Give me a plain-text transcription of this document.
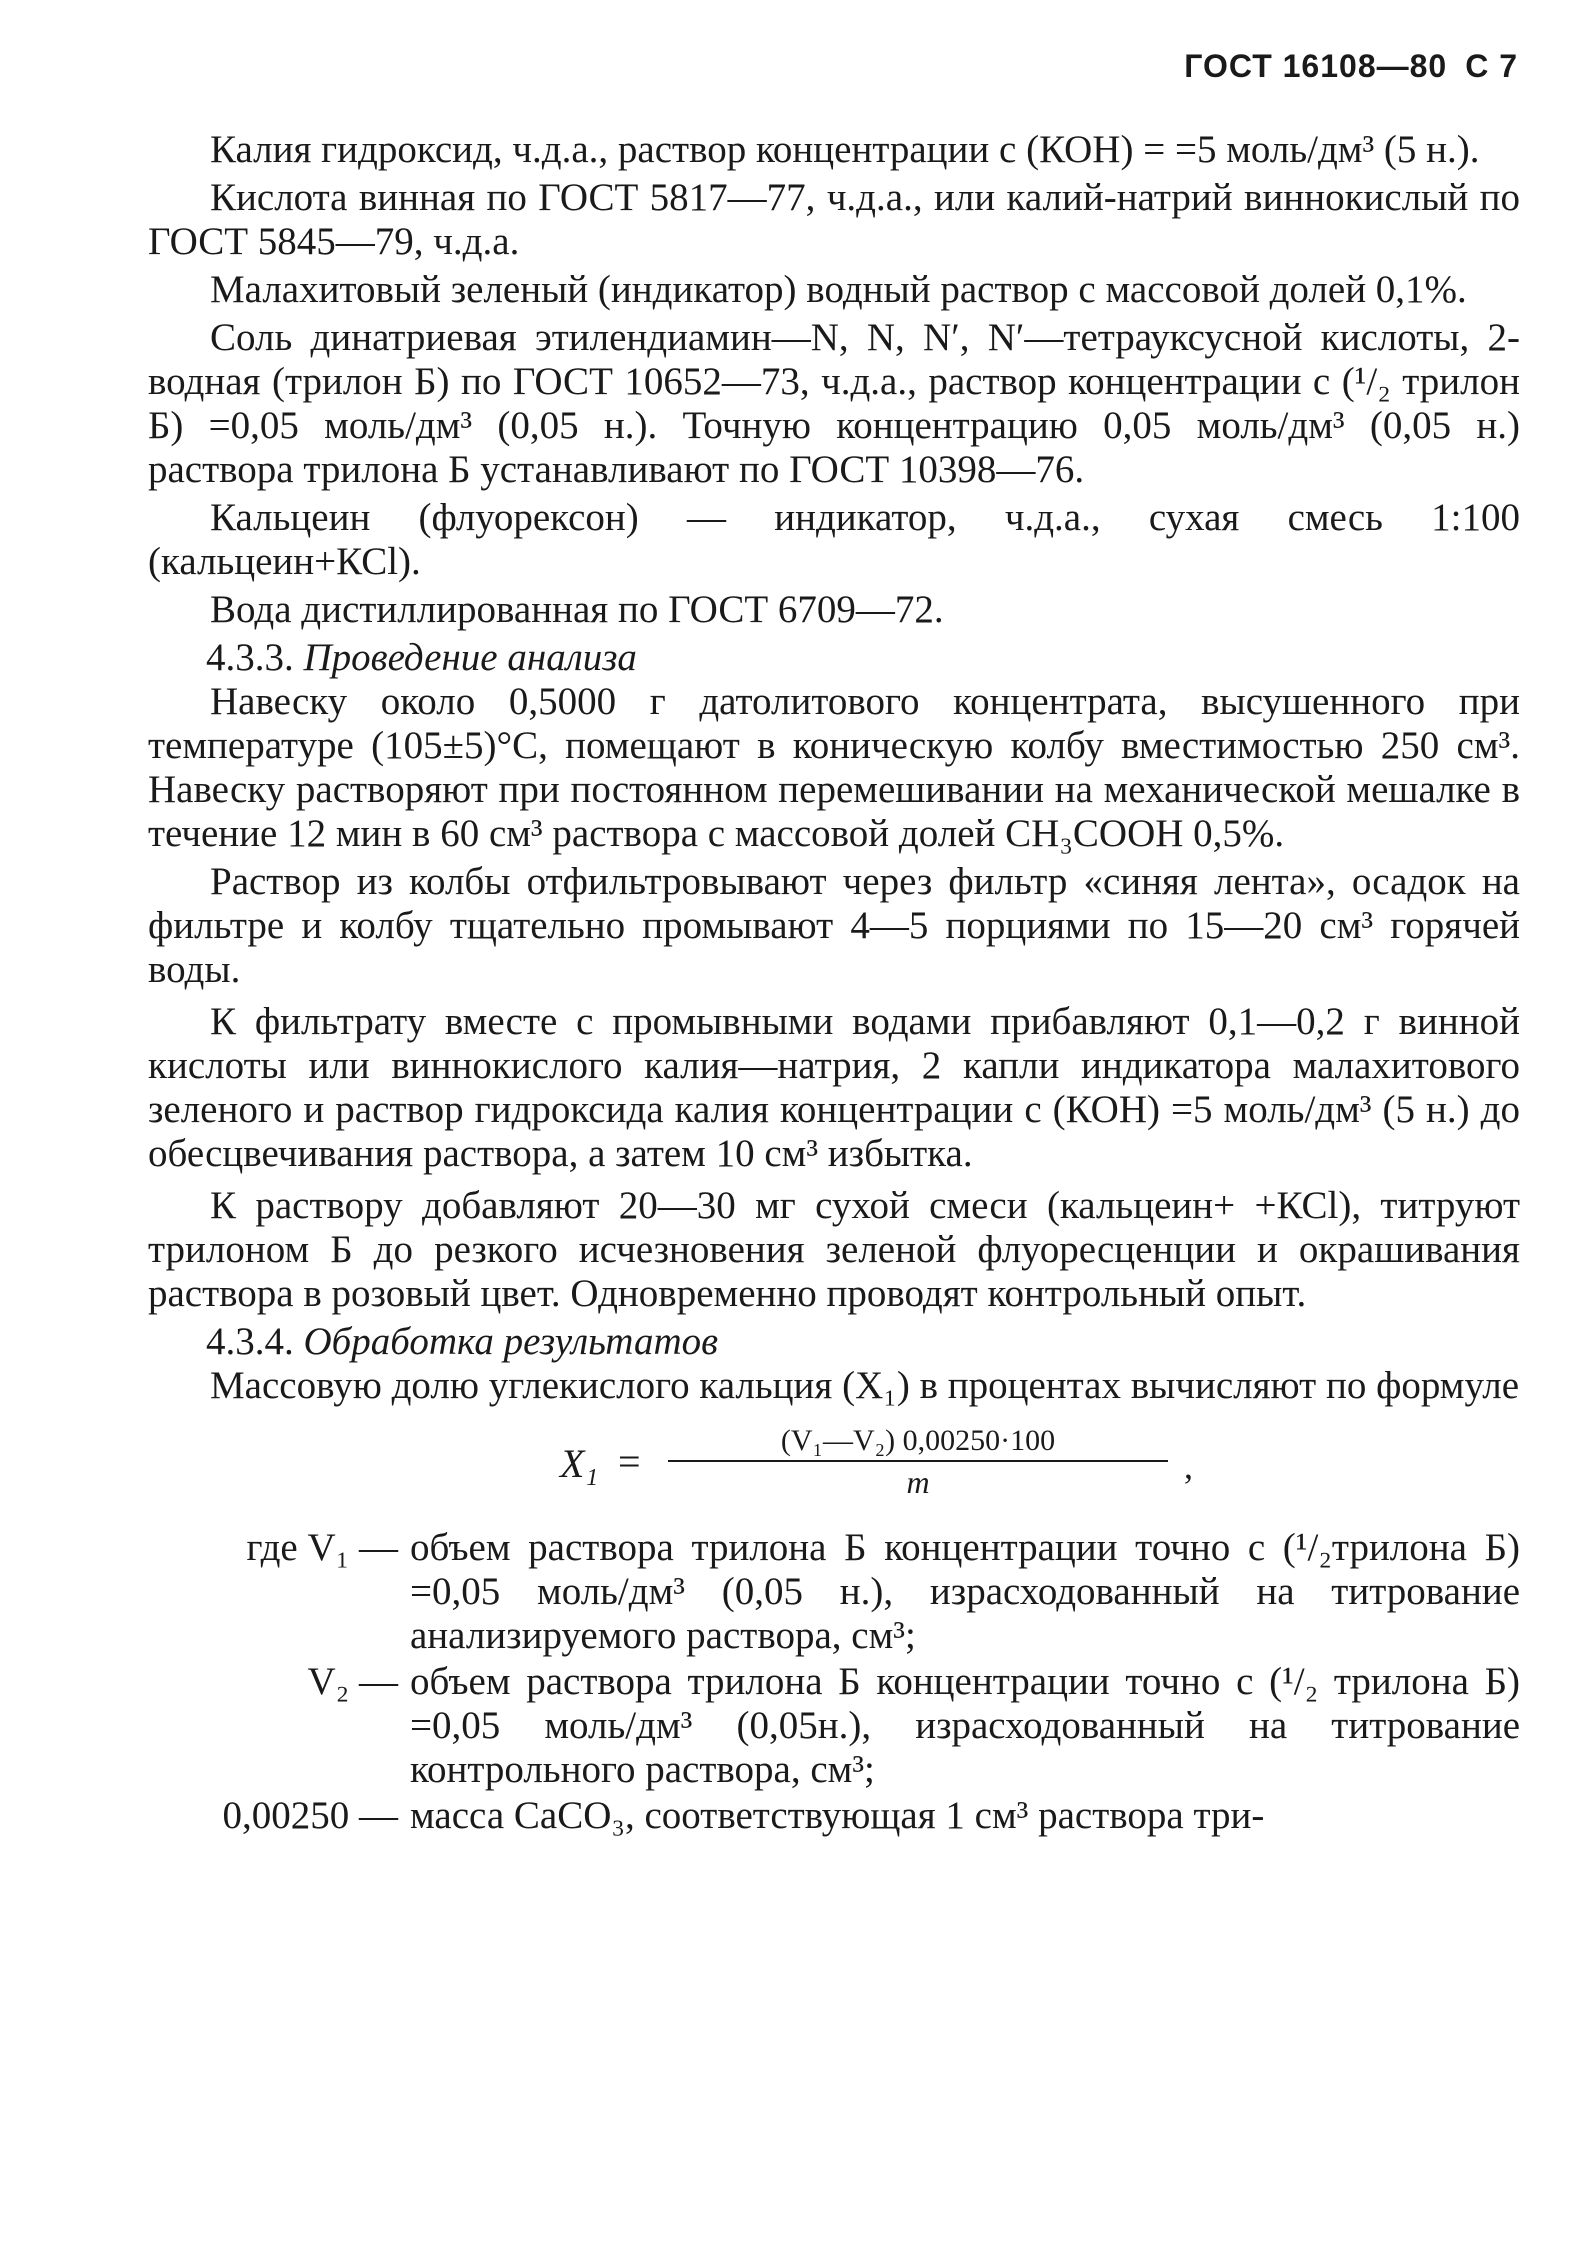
ГОСТ 16108—80 С 7

Калия гидроксид, ч.д.а., раствор концентрации с (КОН) = =5 моль/дм³ (5 н.).

Кислота винная по ГОСТ 5817—77, ч.д.а., или калий-натрий виннокислый по ГОСТ 5845—79, ч.д.а.

Малахитовый зеленый (индикатор) водный раствор с массовой долей 0,1%.

Соль динатриевая этилендиамин—N, N, N′, N′—тетрауксусной кислоты, 2-водная (трилон Б) по ГОСТ 10652—73, ч.д.а., раствор концентрации с (¹/₂ трилон Б) =0,05 моль/дм³ (0,05 н.). Точную концентрацию 0,05 моль/дм³ (0,05 н.) раствора трилона Б устанавливают по ГОСТ 10398—76.

Кальцеин (флуорексон) — индикатор, ч.д.а., сухая смесь 1:100 (кальцеин+КСl).

Вода дистиллированная по ГОСТ 6709—72.

4.3.3. Проведение анализа

Навеску около 0,5000 г датолитового концентрата, высушенного при температуре (105±5)°С, помещают в коническую колбу вместимостью 250 см³. Навеску растворяют при постоянном перемешивании на механической мешалке в течение 12 мин в 60 см³ раствора с массовой долей СН₃СООН 0,5%.

Раствор из колбы отфильтровывают через фильтр «синяя лента», осадок на фильтре и колбу тщательно промывают 4—5 порциями по 15—20 см³ горячей воды.

К фильтрату вместе с промывными водами прибавляют 0,1—0,2 г винной кислоты или виннокислого калия—натрия, 2 капли индикатора малахитового зеленого и раствор гидроксида калия концентрации с (КОН) =5 моль/дм³ (5 н.) до обесцвечивания раствора, а затем 10 см³ избытка.

К раствору добавляют 20—30 мг сухой смеси (кальцеин+ +КСl), титруют трилоном Б до резкого исчезновения зеленой флуоресценции и окрашивания раствора в розовый цвет. Одновременно проводят контрольный опыт.

4.3.4. Обработка результатов

Массовую долю углекислого кальция (X₁) в процентах вычисляют по формуле

$X_1 = \frac{\text{(V₁—V₂) 0,00250·100}}{m}$ ,
где V₁ — объем раствора трилона Б концентрации точно с (¹/₂трилона Б) =0,05 моль/дм³ (0,05 н.), израсходованный на титрование анализируемого раствора, см³;
V₂ — объем раствора трилона Б концентрации точно с (¹/₂ трилона Б) =0,05 моль/дм³ (0,05н.), израсходованный на титрование контрольного раствора, см³;
0,00250 — масса СаСО₃, соответствующая 1 см³ раствора три-
